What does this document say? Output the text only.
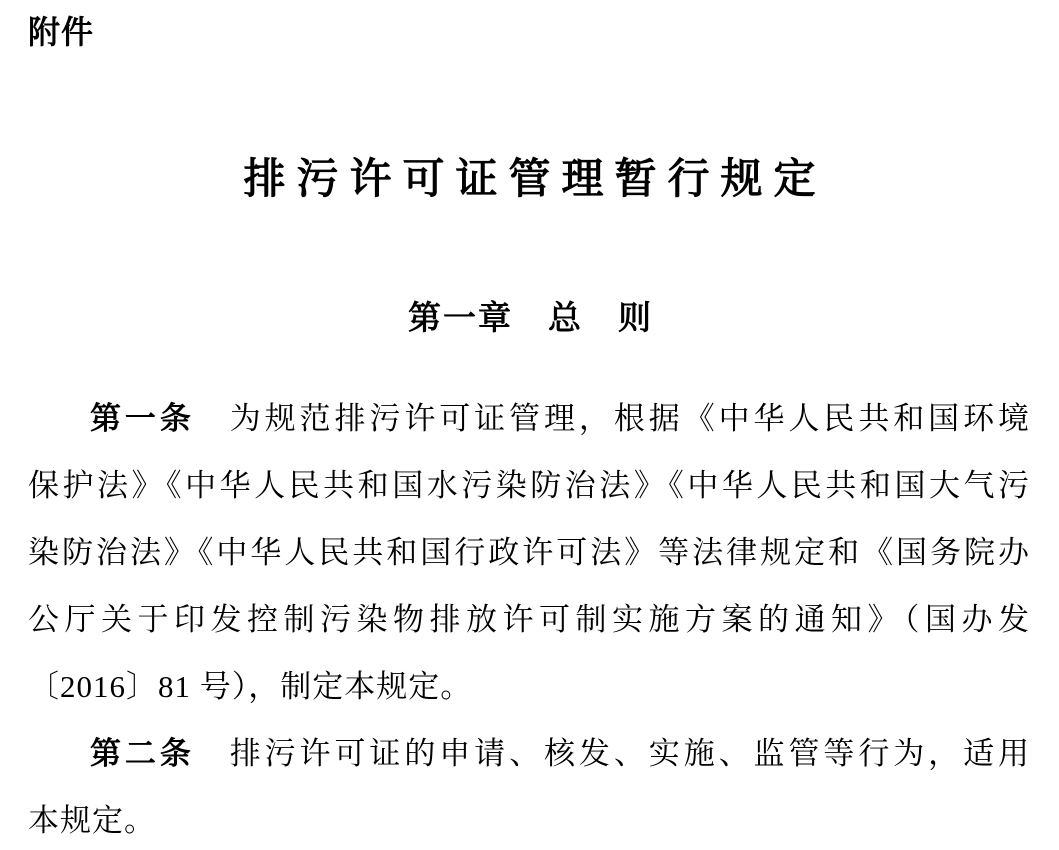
附件
排污许可证管理暂行规定
第一章　总　则
第一条　为规范排污许可证管理，根据《中华人民共和国环境
保护法》《中华人民共和国水污染防治法》《中华人民共和国大气污
染防治法》《中华人民共和国行政许可法》等法律规定和《国务院办
公厅关于印发控制污染物排放许可制实施方案的通知》（国办发
〔2016〕81 号），制定本规定。
第二条　排污许可证的申请、核发、实施、监管等行为，适用
本规定。
